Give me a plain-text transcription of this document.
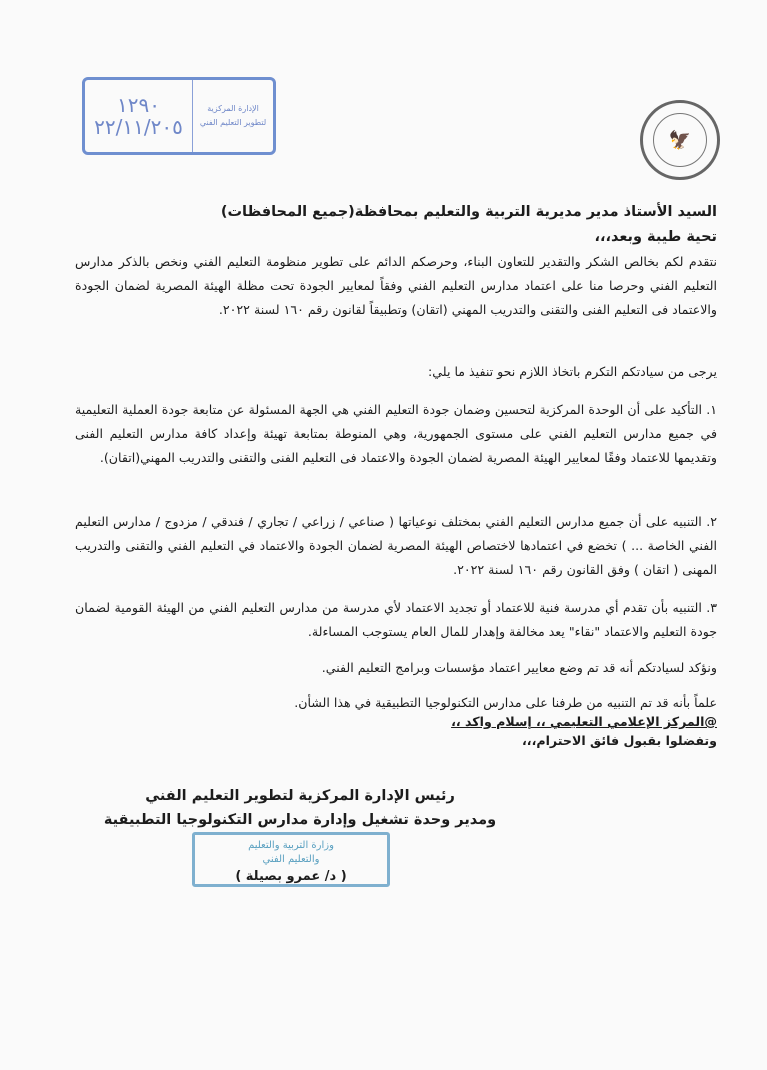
١٢٩٠
٢٢/١١/٢٠٥
الإدارة المركزية
لتطوير التعليم الفني
🦅

السيد الأستاذ مدير مديرية التربية والتعليم بمحافظة(جميع المحافظات)

تحية طيبة وبعد،،،

نتقدم لكم بخالص الشكر والتقدير للتعاون البناء، وحرصكم الدائم على تطوير منظومة التعليم الفني ونخص بالذكر مدارس التعليم الفني وحرصا منا على اعتماد مدارس التعليم الفني وفقاً لمعايير الجودة تحت مظلة الهيئة المصرية لضمان الجودة والاعتماد فى التعليم الفنى والتقنى والتدريب المهني (اتقان) وتطبيقاً لقانون رقم ١٦٠ لسنة ٢٠٢٢.

يرجى من سيادتكم التكرم باتخاذ اللازم نحو تنفيذ ما يلي:

١. التأكيد على أن الوحدة المركزية لتحسين وضمان جودة التعليم الفني هي الجهة المسئولة عن متابعة جودة العملية التعليمية في جميع مدارس التعليم الفني على مستوى الجمهورية، وهي المنوطة بمتابعة تهيئة وإعداد كافة مدارس التعليم الفنى وتقديمها للاعتماد وفقًا لمعايير الهيئة المصرية لضمان الجودة والاعتماد فى التعليم الفنى والتقنى والتدريب المهني(اتقان).

٢. التنبيه على أن جميع مدارس التعليم الفني بمختلف نوعياتها ( صناعي / زراعي / تجاري / فندقي / مزدوج / مدارس التعليم الفني الخاصة ... ) تخضع في اعتمادها لاختصاص الهيئة المصرية لضمان الجودة والاعتماد في التعليم الفني والتقنى والتدريب المهنى ( اتقان ) وفق القانون رقم ١٦٠ لسنة ٢٠٢٢.

٣. التنبيه بأن تقدم أي مدرسة فنية للاعتماد أو تجديد الاعتماد لأي مدرسة من مدارس التعليم الفني من الهيئة القومية لضمان جودة التعليم والاعتماد "نقاء" يعد مخالفة وإهدار للمال العام يستوجب المساءلة.

ونؤكد لسيادتكم أنه قد تم وضع معايير اعتماد مؤسسات وبرامج التعليم الفني.

علماً بأنه قد تم التنبيه من طرفنا على مدارس التكنولوجيا التطبيقية في هذا الشأن.

@المركز الإعلامي التعليمي ،، إسلام واكد ،،

وتفضلوا بقبول فائق الاحترام،،،

رئيس الإدارة المركزية لتطوير التعليم الفني
ومدير وحدة تشغيل وإدارة مدارس التكنولوجيا التطبيقية
وزارة التربية والتعليم
والتعليم الفني
( د/ عمرو بصيلة )
